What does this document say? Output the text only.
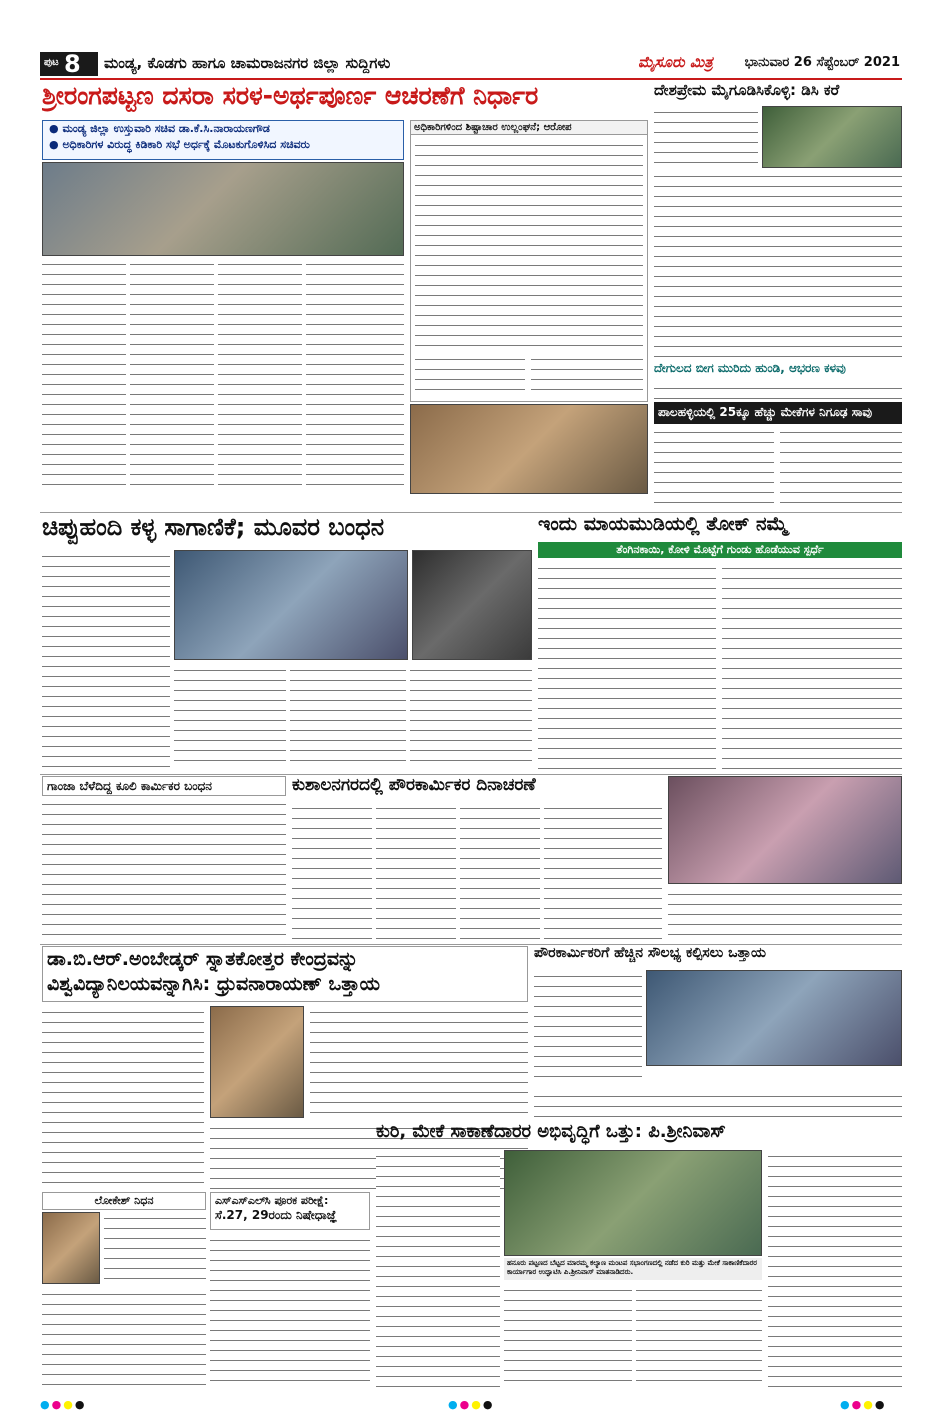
ಪುಟ 8 ಮಂಡ್ಯ, ಕೊಡಗು ಹಾಗೂ ಚಾಮರಾಜನಗರ ಜಿಲ್ಲಾ ಸುದ್ದಿಗಳು	ಮೈಸೂರು ಮಿತ್ರ ಭಾನುವಾರ 26 ಸೆಪ್ಟೆಂಬರ್ 2021
ಶ್ರೀರಂಗಪಟ್ಟಣ ದಸರಾ ಸರಳ-ಅರ್ಥಪೂರ್ಣ ಆಚರಣೆಗೆ ನಿರ್ಧಾರ
● ಮಂಡ್ಯ ಜಿಲ್ಲಾ ಉಸ್ತುವಾರಿ ಸಚಿವ ಡಾ.ಕೆ.ಸಿ.ನಾರಾಯಣಗೌಡ
● ಅಧಿಕಾರಿಗಳ ವಿರುದ್ಧ ಕಿಡಿಕಾರಿ ಸಭೆ ಅರ್ಧಕ್ಕೆ ಮೊಟಕುಗೊಳಿಸಿದ ಸಚಿವರು
ಅಧಿಕಾರಿಗಳಿಂದ ಶಿಷ್ಟಾಚಾರ ಉಲ್ಲಂಘನೆ; ಆರೋಪ
ದೇಶಪ್ರೇಮ ಮೈಗೂಡಿಸಿಕೊಳ್ಳಿ: ಡಿಸಿ ಕರೆ
ದೇಗುಲದ ಬೀಗ ಮುರಿದು ಹುಂಡಿ, ಆಭರಣ ಕಳವು
ಪಾಲಹಳ್ಳಿಯಲ್ಲಿ 25ಕ್ಕೂ ಹೆಚ್ಚು ಮೇಕೆಗಳ ನಿಗೂಢ ಸಾವು
ಚಿಪ್ಪುಹಂದಿ ಕಳ್ಳ ಸಾಗಾಣಿಕೆ; ಮೂವರ ಬಂಧನ	ಇಂದು ಮಾಯಮುಡಿಯಲ್ಲಿ ತೋಕ್ ನಮ್ಮೆ
ತೆಂಗಿನಕಾಯಿ, ಕೋಳಿ ಮೊಟ್ಟೆಗೆ ಗುಂಡು ಹೊಡೆಯುವ ಸ್ಪರ್ಧೆ
ಗಾಂಜಾ ಬೆಳೆದಿದ್ದ ಕೂಲಿ ಕಾರ್ಮಿಕರ ಬಂಧನ	ಕುಶಾಲನಗರದಲ್ಲಿ ಪೌರಕಾರ್ಮಿಕರ ದಿನಾಚರಣೆ
ಡಾ.ಬಿ.ಆರ್.ಅಂಬೇಡ್ಕರ್ ಸ್ನಾತಕೋತ್ತರ ಕೇಂದ್ರವನ್ನು
ವಿಶ್ವವಿದ್ಯಾನಿಲಯವನ್ನಾಗಿಸಿ: ಧ್ರುವನಾರಾಯಣ್ ಒತ್ತಾಯ
ಪೌರಕಾರ್ಮಿಕರಿಗೆ ಹೆಚ್ಚಿನ ಸೌಲಭ್ಯ ಕಲ್ಪಿಸಲು ಒತ್ತಾಯ
ಕುರಿ, ಮೇಕೆ ಸಾಕಾಣೆದಾರರ ಅಭಿವೃದ್ಧಿಗೆ ಒತ್ತು: ಪಿ.ಶ್ರೀನಿವಾಸ್
ಹನೂರು ಪಟ್ಟಣದ ಬೆಟ್ಟದ ಮಾರಮ್ಮ ಕಲ್ಯಾಣ ಮಂಟಪ ಸಭಾಂಗಣದಲ್ಲಿ ನಡೆದ ಕುರಿ ಮತ್ತು ಮೇಕೆ ಸಾಕಾಣಿಕೆದಾರರ ಕಾರ್ಯಾಗಾರ ಉದ್ಘಾಟಿಸಿ ಪಿ.ಶ್ರೀನಿವಾಸ್ ಮಾತನಾಡಿದರು.
ಲೋಕೇಶ್ ನಿಧನ	ಎಸ್‍ಎಸ್‍ಎಲ್‍ಸಿ ಪೂರಕ ಪರೀಕ್ಷೆ:
ಸೆ.27, 29ರಂದು ನಿಷೇಧಾಜ್ಞೆ
●●●●	●●●●	●●●●
